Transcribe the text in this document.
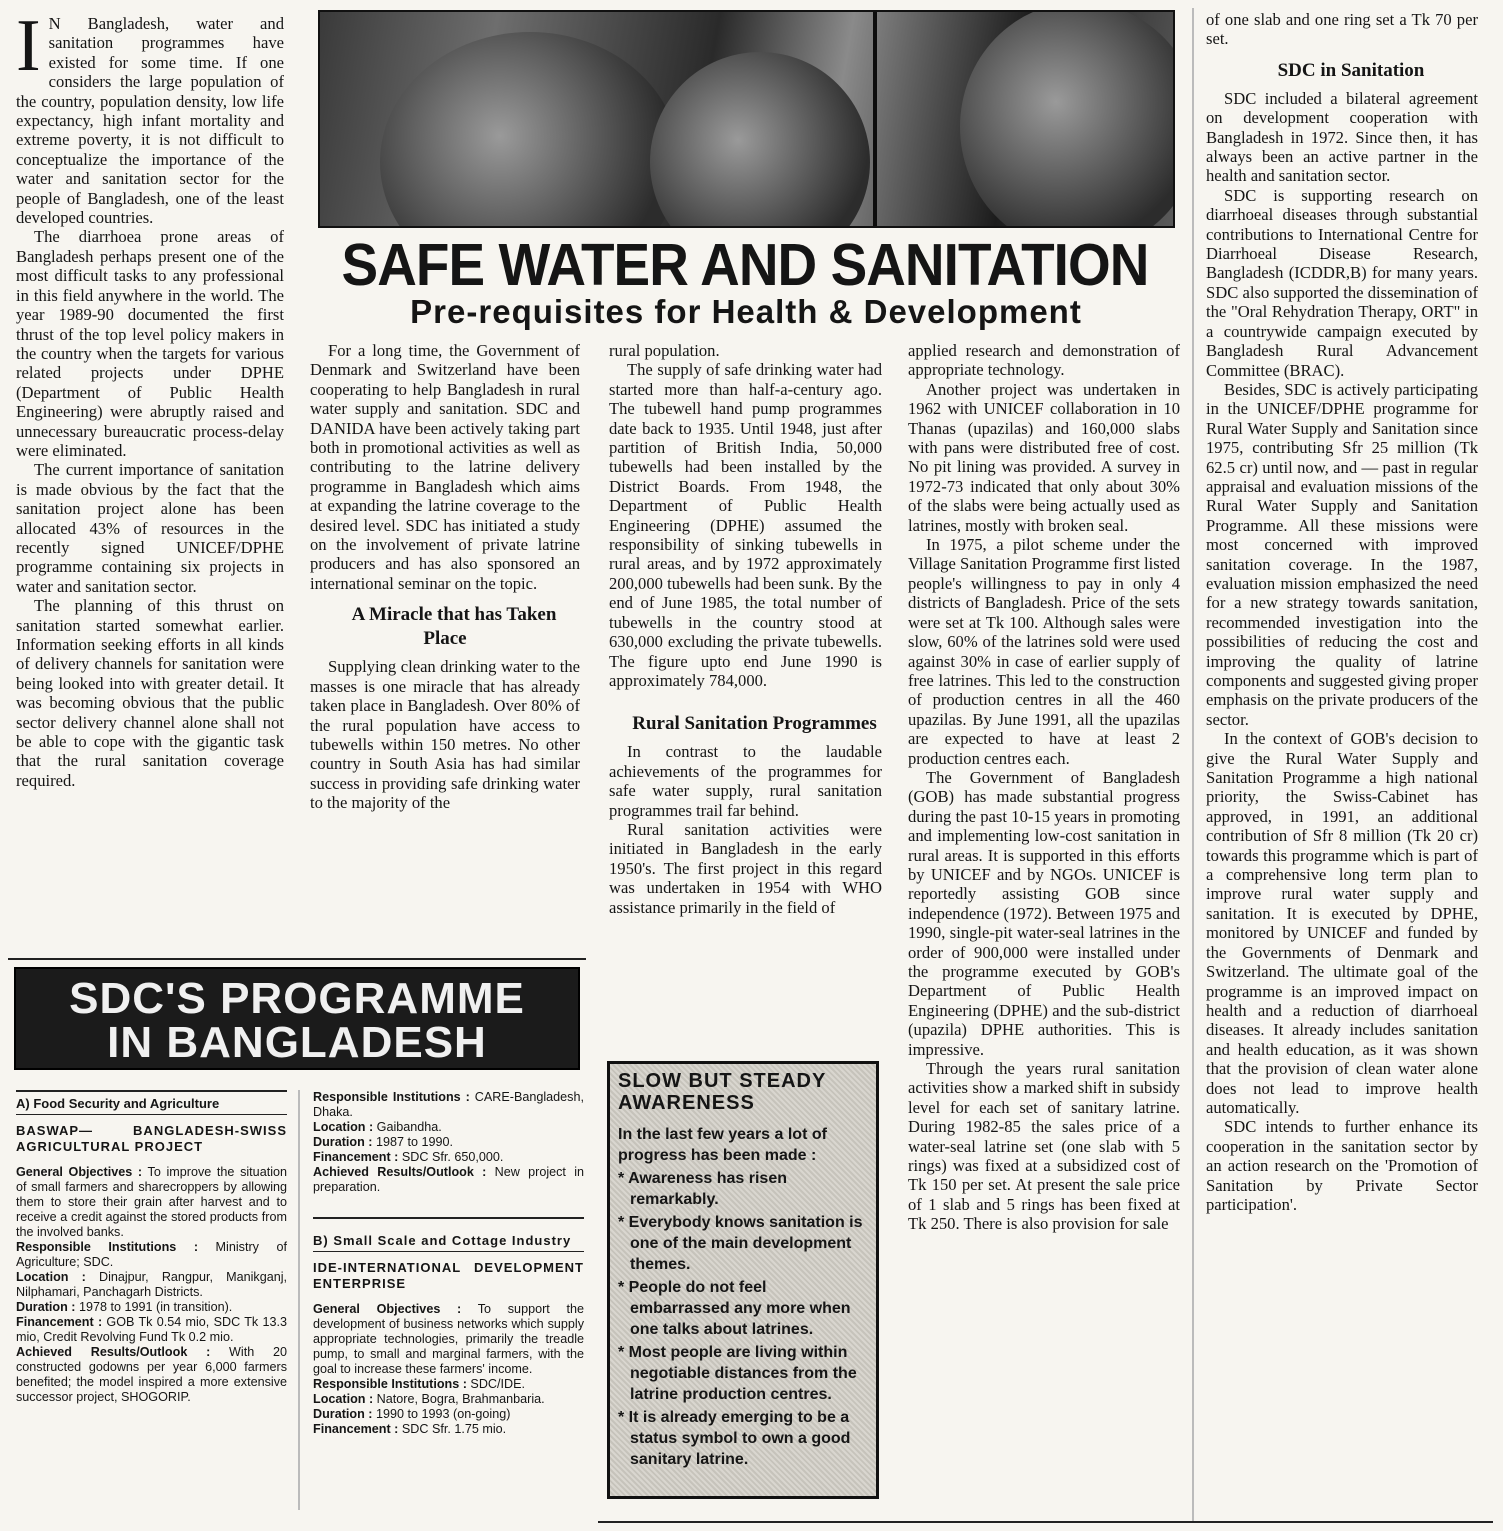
SAFE WATER AND SANITATION
Pre-requisites for Health & Development

I N Bangladesh, water and sanitation programmes have existed for some time. If one considers the large population of the country, population density, low life expectancy, high infant mortality and extreme poverty, it is not difficult to conceptualize the importance of the water and sanitation sector for the people of Bangladesh, one of the least developed countries.

The diarrhoea prone areas of Bangladesh perhaps present one of the most difficult tasks to any professional in this field anywhere in the world. The year 1989-90 documented the first thrust of the top level policy makers in the country when the targets for various related projects under DPHE (Department of Public Health Engineering) were abruptly raised and unnecessary bureaucratic process-delay were eliminated.

The current importance of sanitation is made obvious by the fact that the sanitation project alone has been allocated 43% of resources in the recently signed UNICEF/DPHE programme containing six projects in water and sanitation sector.

The planning of this thrust on sanitation started somewhat earlier. Information seeking efforts in all kinds of delivery channels for sanitation were being looked into with greater detail. It was becoming obvious that the public sector delivery channel alone shall not be able to cope with the gigantic task that the rural sanitation coverage required.

For a long time, the Government of Denmark and Switzerland have been cooperating to help Bangladesh in rural water supply and sanitation. SDC and DANIDA have been actively taking part both in promotional activities as well as contributing to the latrine delivery programme in Bangladesh which aims at expanding the latrine coverage to the desired level. SDC has initiated a study on the involvement of private latrine producers and has also sponsored an international seminar on the topic.

A Miracle that has Taken Place

Supplying clean drinking water to the masses is one miracle that has already taken place in Bangladesh. Over 80% of the rural population have access to tubewells within 150 metres. No other country in South Asia has had similar success in providing safe drinking water to the majority of the

rural population.

The supply of safe drinking water had started more than half-a-century ago. The tubewell hand pump programmes date back to 1935. Until 1948, just after partition of British India, 50,000 tubewells had been installed by the District Boards. From 1948, the Department of Public Health Engineering (DPHE) assumed the responsibility of sinking tubewells in rural areas, and by 1972 approximately 200,000 tubewells had been sunk. By the end of June 1985, the total number of tubewells in the country stood at 630,000 excluding the private tubewells. The figure upto end June 1990 is approximately 784,000.

Rural Sanitation Programmes

In contrast to the laudable achievements of the programmes for safe water supply, rural sanitation programmes trail far behind.

Rural sanitation activities were initiated in Bangladesh in the early 1950's. The first project in this regard was undertaken in 1954 with WHO assistance primarily in the field of

applied research and demonstration of appropriate technology.

Another project was undertaken in 1962 with UNICEF collaboration in 10 Thanas (upazilas) and 160,000 slabs with pans were distributed free of cost. No pit lining was provided. A survey in 1972-73 indicated that only about 30% of the slabs were being actually used as latrines, mostly with broken seal.

In 1975, a pilot scheme under the Village Sanitation Programme first listed people's willingness to pay in only 4 districts of Bangladesh. Price of the sets were set at Tk 100. Although sales were slow, 60% of the latrines sold were used against 30% in case of earlier supply of free latrines. This led to the construction of production centres in all the 460 upazilas. By June 1991, all the upazilas are expected to have at least 2 production centres each.

The Government of Bangladesh (GOB) has made substantial progress during the past 10-15 years in promoting and implementing low-cost sanitation in rural areas. It is supported in this efforts by UNICEF and by NGOs. UNICEF is reportedly assisting GOB since independence (1972). Between 1975 and 1990, single-pit water-seal latrines in the order of 900,000 were installed under the programme executed by GOB's Department of Public Health Engineering (DPHE) and the sub-district (upazila) DPHE authorities. This is impressive.

Through the years rural sanitation activities show a marked shift in subsidy level for each set of sanitary latrine. During 1982-85 the sales price of a water-seal latrine set (one slab with 5 rings) was fixed at a subsidized cost of Tk 150 per set. At present the sale price of 1 slab and 5 rings has been fixed at Tk 250. There is also provision for sale

of one slab and one ring set a Tk 70 per set.

SDC in Sanitation

SDC included a bilateral agreement on development cooperation with Bangladesh in 1972. Since then, it has always been an active partner in the health and sanitation sector.

SDC is supporting research on diarrhoeal diseases through substantial contributions to International Centre for Diarrhoeal Disease Research, Bangladesh (ICDDR,B) for many years. SDC also supported the dissemination of the "Oral Rehydration Therapy, ORT" in a countrywide campaign executed by Bangladesh Rural Advancement Committee (BRAC).

Besides, SDC is actively participating in the UNICEF/DPHE programme for Rural Water Supply and Sanitation since 1975, contributing Sfr 25 million (Tk 62.5 cr) until now, and — past in regular appraisal and evaluation missions of the Rural Water Supply and Sanitation Programme. All these missions were most concerned with improved sanitation coverage. In the 1987, evaluation mission emphasized the need for a new strategy towards sanitation, recommended investigation into the possibilities of reducing the cost and improving the quality of latrine components and suggested giving proper emphasis on the private producers of the sector.

In the context of GOB's decision to give the Rural Water Supply and Sanitation Programme a high national priority, the Swiss-Cabinet has approved, in 1991, an additional contribution of Sfr 8 million (Tk 20 cr) towards this programme which is part of a comprehensive long term plan to improve rural water supply and sanitation. It is executed by DPHE, monitored by UNICEF and funded by the Governments of Denmark and Switzerland. The ultimate goal of the programme is an improved impact on health and a reduction of diarrhoeal diseases. It already includes sanitation and health education, as it was shown that the provision of clean water alone does not lead to improve health automatically.

SDC intends to further enhance its cooperation in the sanitation sector by an action research on the 'Promotion of Sanitation by Private Sector participation'.

SDC'S PROGRAMME
IN BANGLADESH
A) Food Security and Agriculture
BASWAP— BANGLADESH-SWISS AGRICULTURAL PROJECT

General Objectives : To improve the situation of small farmers and sharecroppers by allowing them to store their grain after harvest and to receive a credit against the stored products from the involved banks.

Responsible Institutions : Ministry of Agriculture; SDC.

Location : Dinajpur, Rangpur, Manikganj, Nilphamari, Panchagarh Districts.

Duration : 1978 to 1991 (in transition).

Financement : GOB Tk 0.54 mio, SDC Tk 13.3 mio, Credit Revolving Fund Tk 0.2 mio.

Achieved Results/Outlook : With 20 constructed godowns per year 6,000 farmers benefited; the model inspired a more extensive successor project, SHOGORIP.

Responsible Institutions : CARE-Bangladesh, Dhaka.

Location : Gaibandha.

Duration : 1987 to 1990.

Financement : SDC Sfr. 650,000.

Achieved Results/Outlook : New project in preparation.

B) Small Scale and Cottage Industry
IDE-INTERNATIONAL DEVELOPMENT ENTERPRISE

General Objectives : To support the development of business networks which supply appropriate technologies, primarily the treadle pump, to small and marginal farmers, with the goal to increase these farmers' income.

Responsible Institutions : SDC/IDE.

Location : Natore, Bogra, Brahmanbaria.

Duration : 1990 to 1993 (on-going)

Financement : SDC Sfr. 1.75 mio.

SLOW BUT STEADY
AWARENESS
In the last few years a lot of progress has been made :
* Awareness has risen remarkably.
* Everybody knows sanitation is one of the main development themes.
* People do not feel embarrassed any more when one talks about latrines.
* Most people are living within negotiable distances from the latrine production centres.
* It is already emerging to be a status symbol to own a good sanitary latrine.
